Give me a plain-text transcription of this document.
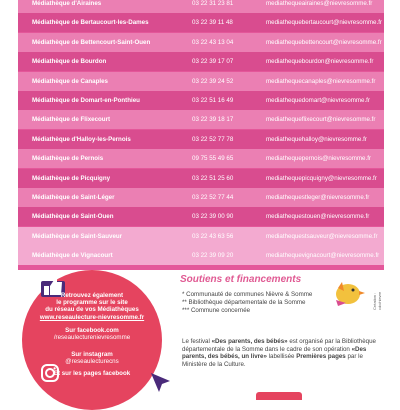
Médiathèque d'Airaines	03 22 31 23 81	mediathequeairaines@nievresomme.fr
Médiathèque de Bertaucourt-les-Dames	03 22 39 11 48	mediathequebertaucourt@nievresomme.fr
Médiathèque de Bettencourt-Saint-Ouen	03 22 43 13 04	mediathequebettencourt@nievresomme.fr
Médiathèque de Bourdon	03 22 39 17 07	mediathequebourdon@nievresomme.fr
Médiathèque de Canaples	03 22 39 24 52	mediathequecanaples@nievresomme.fr
Médiathèque de Domart-en-Ponthieu	03 22 51 16 49	mediathequedomart@nievresomme.fr
Médiathèque de Flixecourt	03 22 39 18 17	mediathequeflixecourt@nievresomme.fr
Médiathèque d'Halloy-les-Pernois	03 22 52 77 78	mediathequehalloy@nievresomme.fr
Médiathèque de Pernois	09 75 55 49 65	mediathequepernois@nievresomme.fr
Médiathèque de Picquigny	03 22 51 25 60	mediathequepicquigny@nievresomme.fr
Médiathèque de Saint-Léger	03 22 52 77 44	mediathequestleger@nievresomme.fr
Médiathèque de Saint-Ouen	03 22 39 00 90	mediathequestouen@nievresomme.fr
Médiathèque de Saint-Sauveur	03 22 43 63 56	mediathequestsauveur@nievresomme.fr
Médiathèque de Vignacourt	03 22 39 09 20	mediathequevignacourt@nievresomme.fr
Retrouvez également
le programme sur le site
du réseau de vos Médiathèques
www.reseaulecture-nievresomme.fr
Sur facebook.com
/reseaulecturenievresomme
Sur instagram
@reseaulecturecns
Et sur les pages facebook
Soutiens et financements
* Communauté de communes Nièvre & Somme
** Bibliothèque départementale de la Somme
*** Commune concernée
Le festival «Des parents, des bébés» est organisé par la Bibliothèque départementale de la Somme dans le cadre de son opération «Des parents, des bébés, un livre» labellisée Premières pages par le Ministère de la Culture.
Création : cdc/nievre
